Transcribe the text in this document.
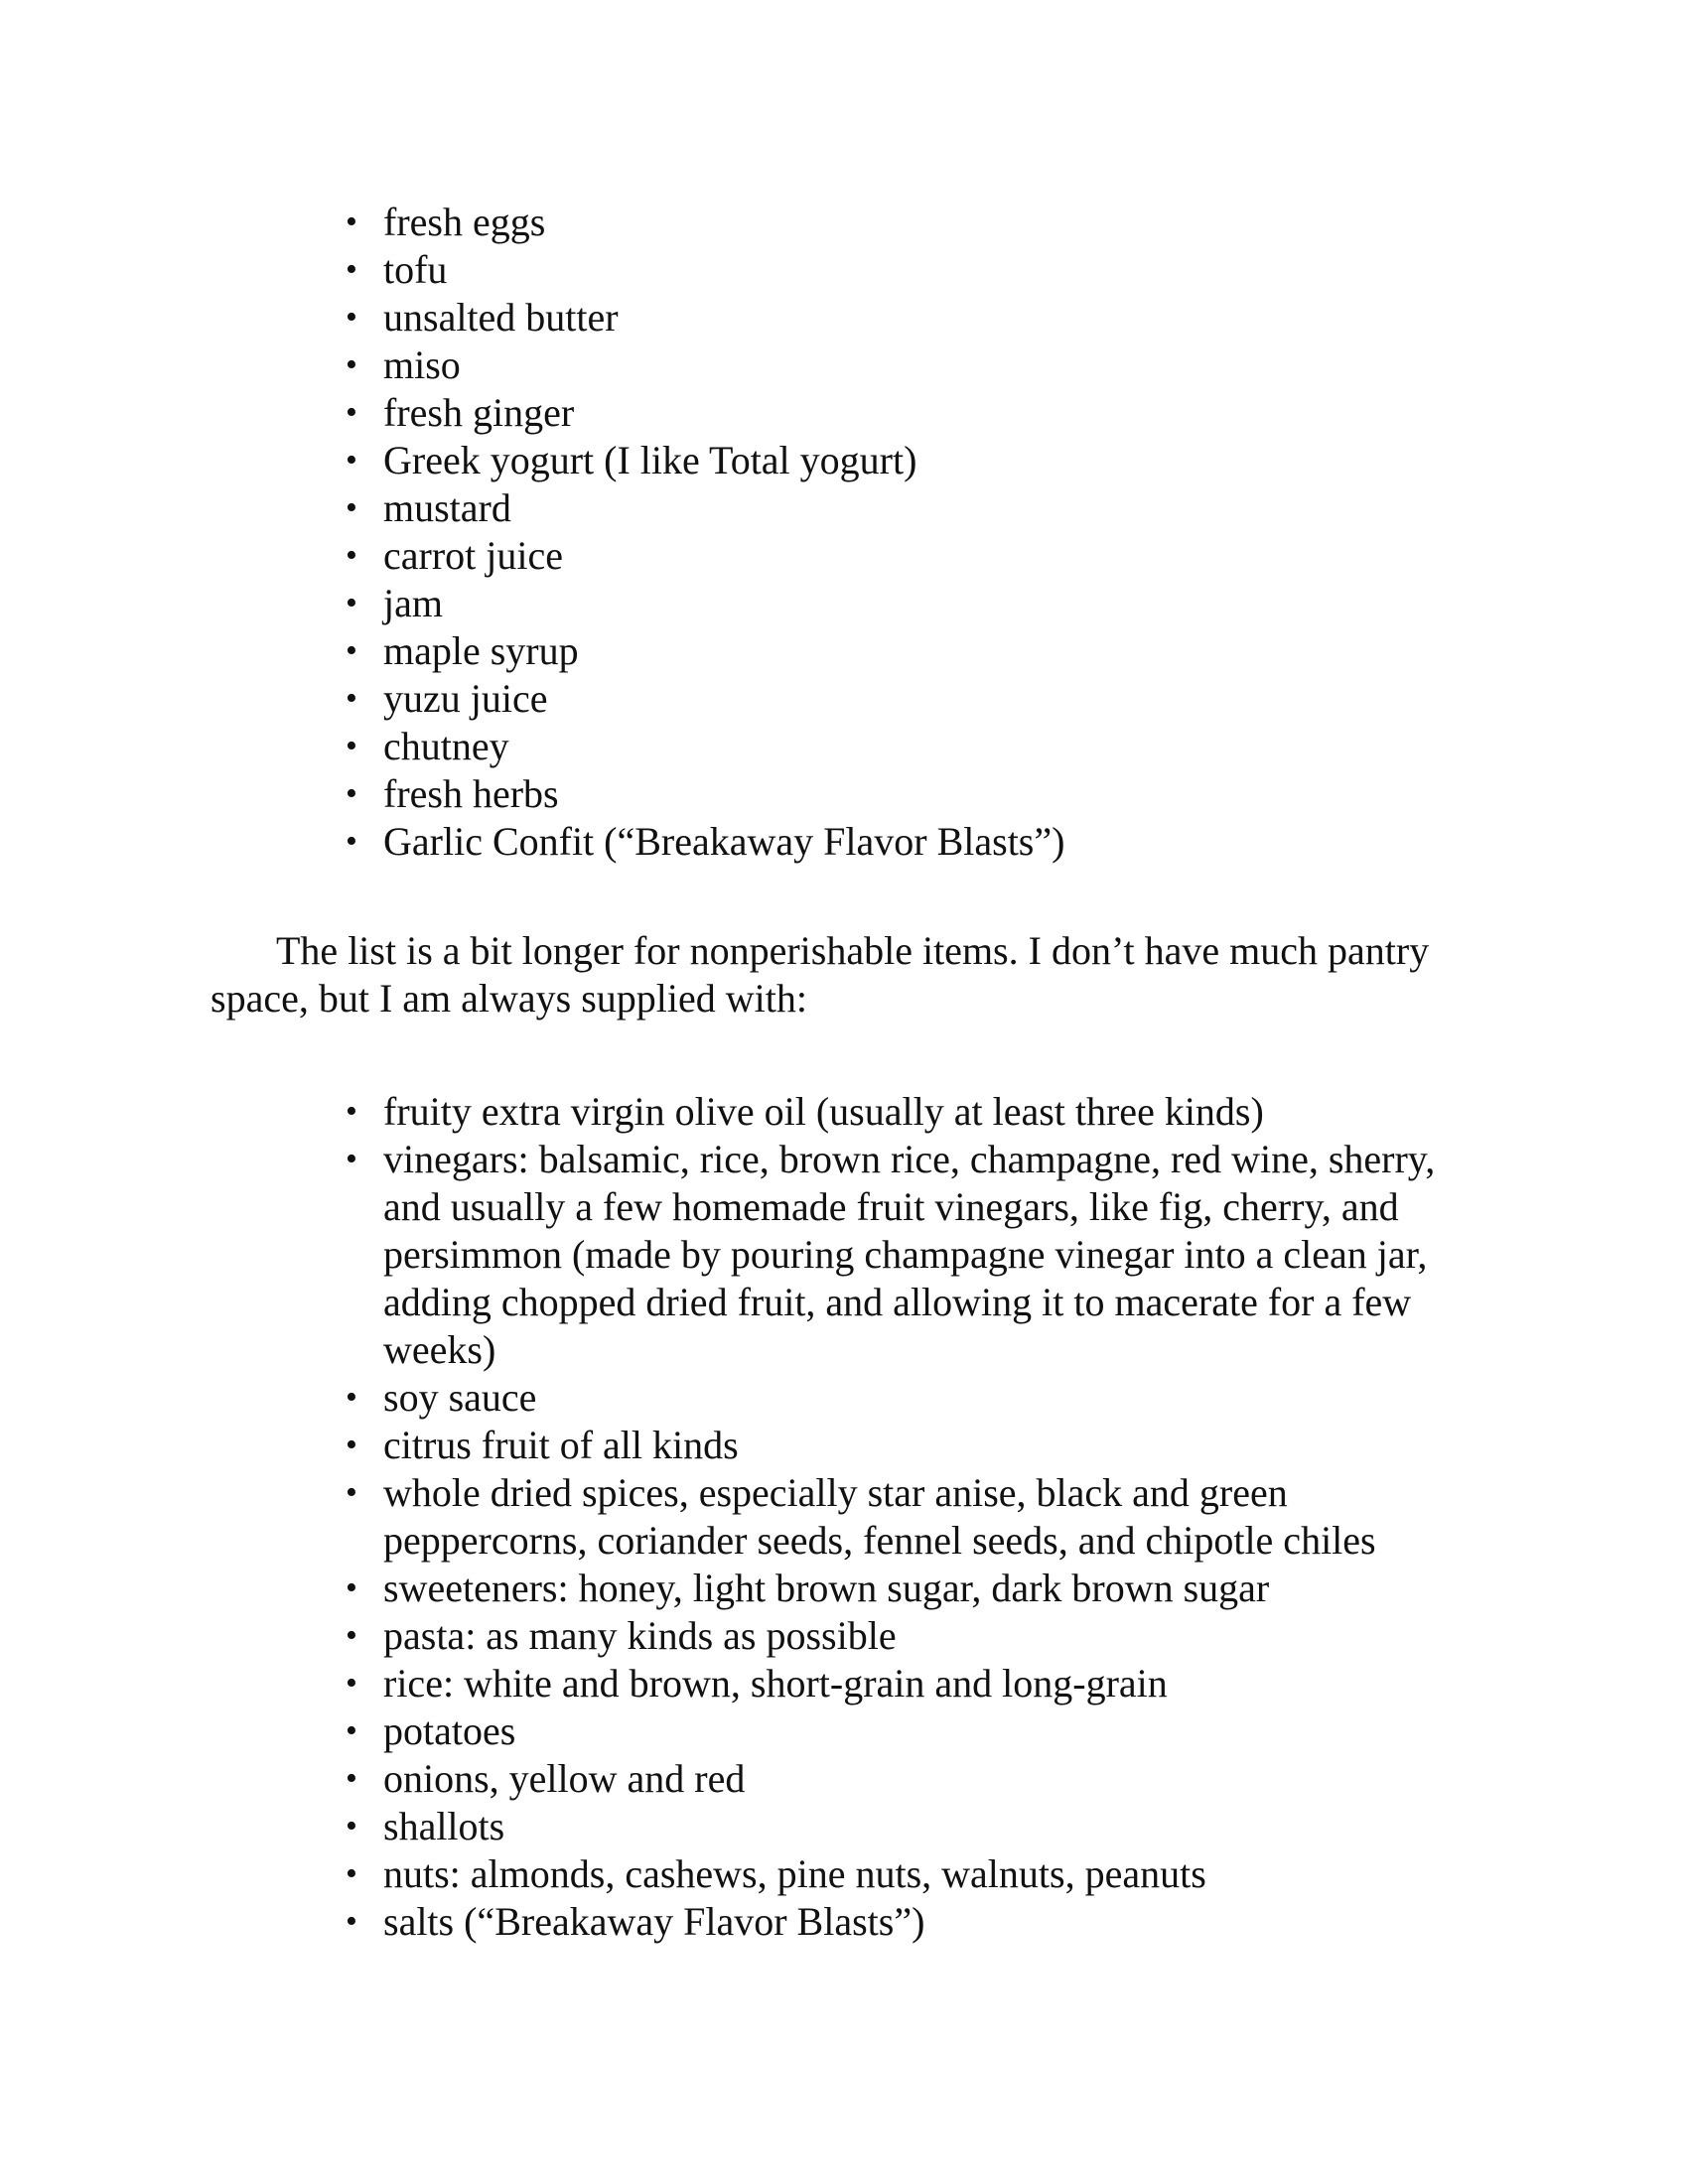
• fresh eggs
• tofu
• unsalted butter
• miso
• fresh ginger
• Greek yogurt (I like Total yogurt)
• mustard
• carrot juice
• jam
• maple syrup
• yuzu juice
• chutney
• fresh herbs
• Garlic Confit (“Breakaway Flavor Blasts”)

The list is a bit longer for nonperishable items. I don’t have much pantry space, but I am always supplied with:

• fruity extra virgin olive oil (usually at least three kinds)
• vinegars: balsamic, rice, brown rice, champagne, red wine, sherry, and usually a few homemade fruit vinegars, like fig, cherry, and persimmon (made by pouring champagne vinegar into a clean jar, adding chopped dried fruit, and allowing it to macerate for a few weeks)
• soy sauce
• citrus fruit of all kinds
• whole dried spices, especially star anise, black and green peppercorns, coriander seeds, fennel seeds, and chipotle chiles
• sweeteners: honey, light brown sugar, dark brown sugar
• pasta: as many kinds as possible
• rice: white and brown, short-grain and long-grain
• potatoes
• onions, yellow and red
• shallots
• nuts: almonds, cashews, pine nuts, walnuts, peanuts
• salts (“Breakaway Flavor Blasts”)
